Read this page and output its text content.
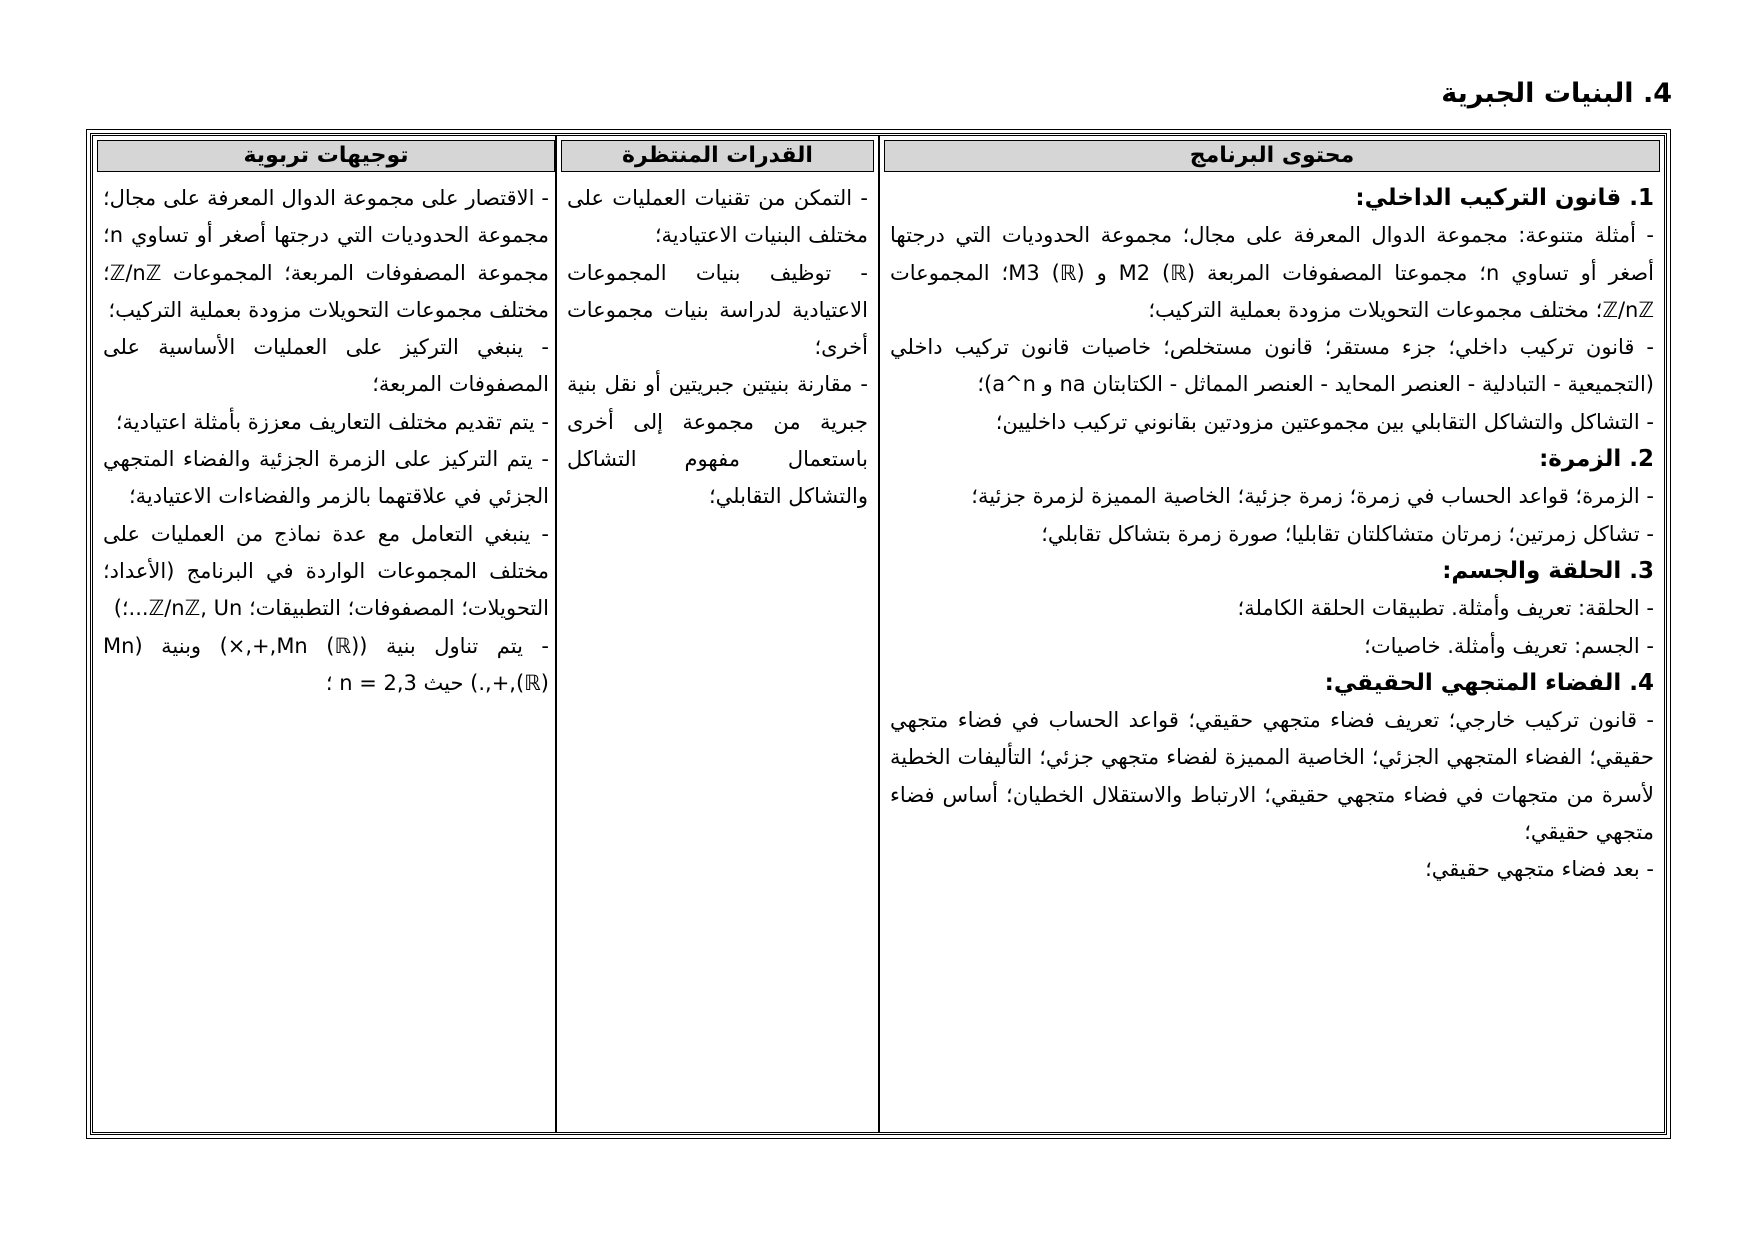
4. البنيات الجبرية
محتوى البرنامج

1. قانون التركيب الداخلي:

- أمثلة متنوعة: مجموعة الدوال المعرفة على مجال؛ مجموعة الحدوديات التي درجتها أصغر أو تساوي n؛ مجموعتا المصفوفات المربعة M2 (ℝ) و M3 (ℝ)؛ المجموعات ℤ/nℤ؛ مختلف مجموعات التحويلات مزودة بعملية التركيب؛

- قانون تركيب داخلي؛ جزء مستقر؛ قانون مستخلص؛ خاصيات قانون تركيب داخلي (التجميعية - التبادلية - العنصر المحايد - العنصر المماثل - الكتابتان na و a^n)؛

- التشاكل والتشاكل التقابلي بين مجموعتين مزودتين بقانوني تركيب داخليين؛

2. الزمرة:

- الزمرة؛ قواعد الحساب في زمرة؛ زمرة جزئية؛ الخاصية المميزة لزمرة جزئية؛

- تشاكل زمرتين؛ زمرتان متشاكلتان تقابليا؛ صورة زمرة بتشاكل تقابلي؛

3. الحلقة والجسم:

- الحلقة: تعريف وأمثلة. تطبيقات الحلقة الكاملة؛

- الجسم: تعريف وأمثلة. خاصيات؛

4. الفضاء المتجهي الحقيقي:

- قانون تركيب خارجي؛ تعريف فضاء متجهي حقيقي؛ قواعد الحساب في فضاء متجهي حقيقي؛ الفضاء المتجهي الجزئي؛ الخاصية المميزة لفضاء متجهي جزئي؛ التأليفات الخطية لأسرة من متجهات في فضاء متجهي حقيقي؛ الارتباط والاستقلال الخطيان؛ أساس فضاء متجهي حقيقي؛

- بعد فضاء متجهي حقيقي؛

القدرات المنتظرة

- التمكن من تقنيات العمليات على مختلف البنيات الاعتيادية؛

- توظيف بنيات المجموعات الاعتيادية لدراسة بنيات مجموعات أخرى؛

- مقارنة بنيتين جبريتين أو نقل بنية جبرية من مجموعة إلى أخرى باستعمال مفهوم التشاكل والتشاكل التقابلي؛

توجيهات تربوية

- الاقتصار على مجموعة الدوال المعرفة على مجال؛ مجموعة الحدوديات التي درجتها أصغر أو تساوي n؛ مجموعة المصفوفات المربعة؛ المجموعات ℤ/nℤ؛ مختلف مجموعات التحويلات مزودة بعملية التركيب؛

- ينبغي التركيز على العمليات الأساسية على المصفوفات المربعة؛

- يتم تقديم مختلف التعاريف معززة بأمثلة اعتيادية؛

- يتم التركيز على الزمرة الجزئية والفضاء المتجهي الجزئي في علاقتهما بالزمر والفضاءات الاعتيادية؛

- ينبغي التعامل مع عدة نماذج من العمليات على مختلف المجموعات الواردة في البرنامج (الأعداد؛ التحويلات؛ المصفوفات؛ التطبيقات؛ ℤ/nℤ, Un...؛)

- يتم تناول بنية (Mn (ℝ),+,×) وبنية (Mn (ℝ),+,.) حيث n = 2,3 ؛
